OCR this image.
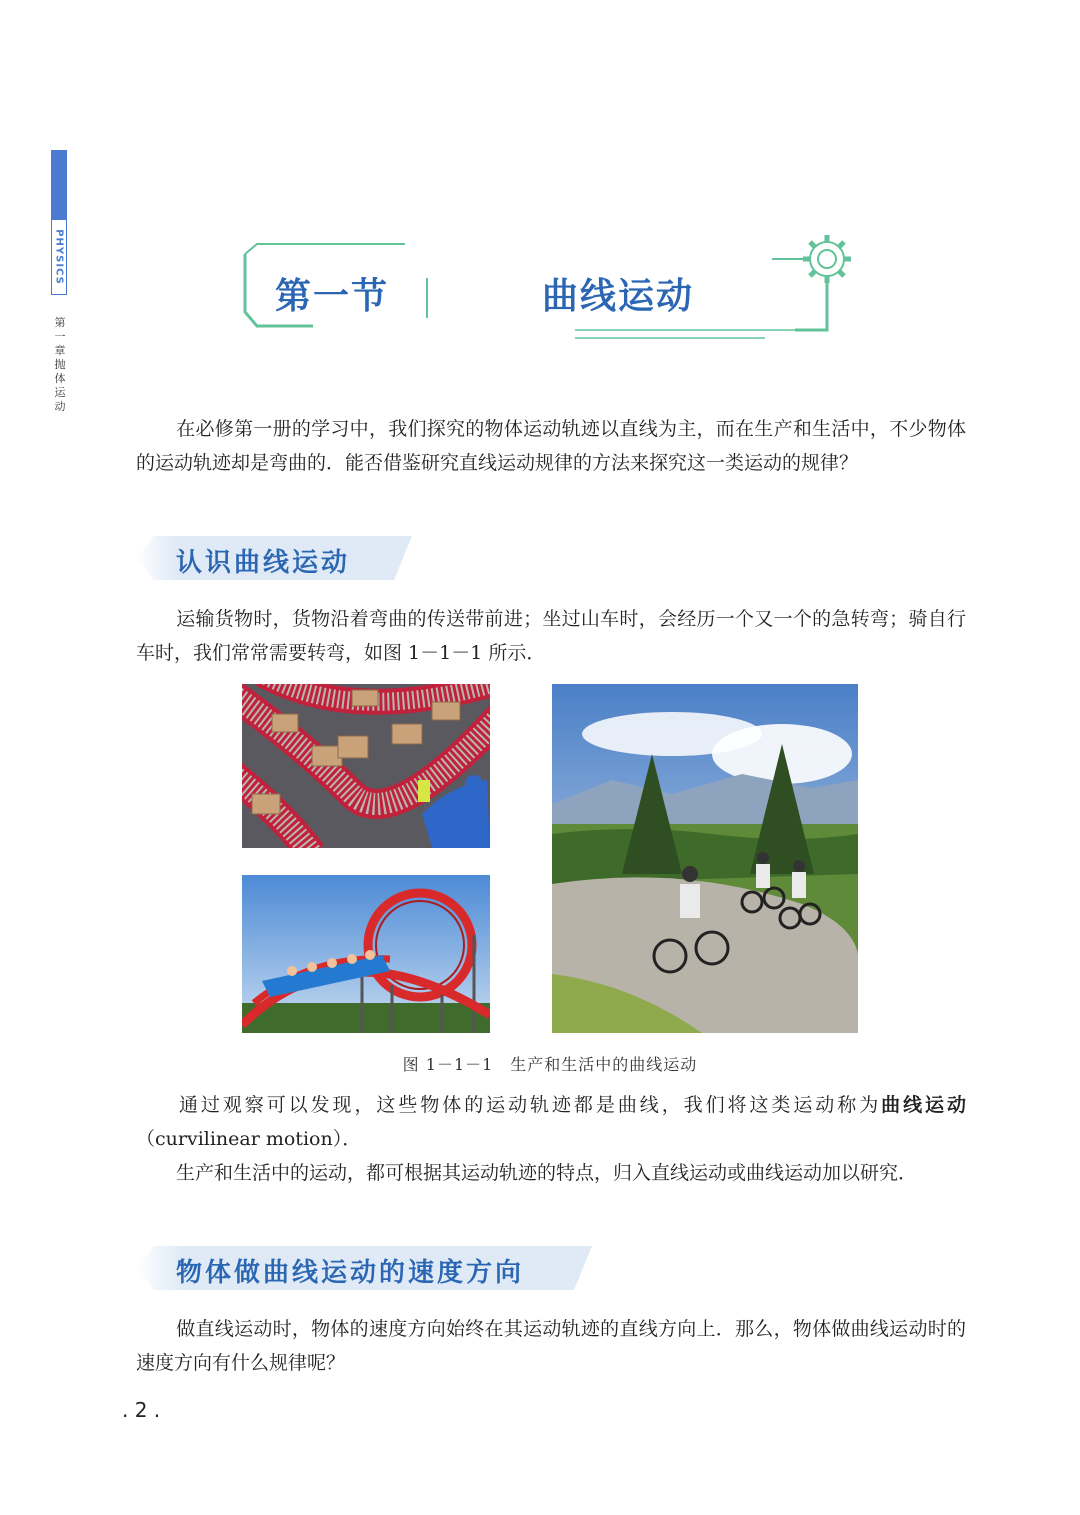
PHYSICS
第一章 抛体运动
第一节	曲线运动
在必修第一册的学习中，我们探究的物体运动轨迹以直线为主，而在生产和生活中，不少物体的运动轨迹却是弯曲的．能否借鉴研究直线运动规律的方法来探究这一类运动的规律？
认识曲线运动
运输货物时，货物沿着弯曲的传送带前进；坐过山车时，会经历一个又一个的急转弯；骑自行车时，我们常常需要转弯，如图 1－1－1 所示．
图 1－1－1　生产和生活中的曲线运动
通过观察可以发现，这些物体的运动轨迹都是曲线，我们将这类运动称为曲线运动（curvilinear motion）．
生产和生活中的运动，都可根据其运动轨迹的特点，归入直线运动或曲线运动加以研究．
物体做曲线运动的速度方向
做直线运动时，物体的速度方向始终在其运动轨迹的直线方向上．那么，物体做曲线运动时的速度方向有什么规律呢？
. 2 .
